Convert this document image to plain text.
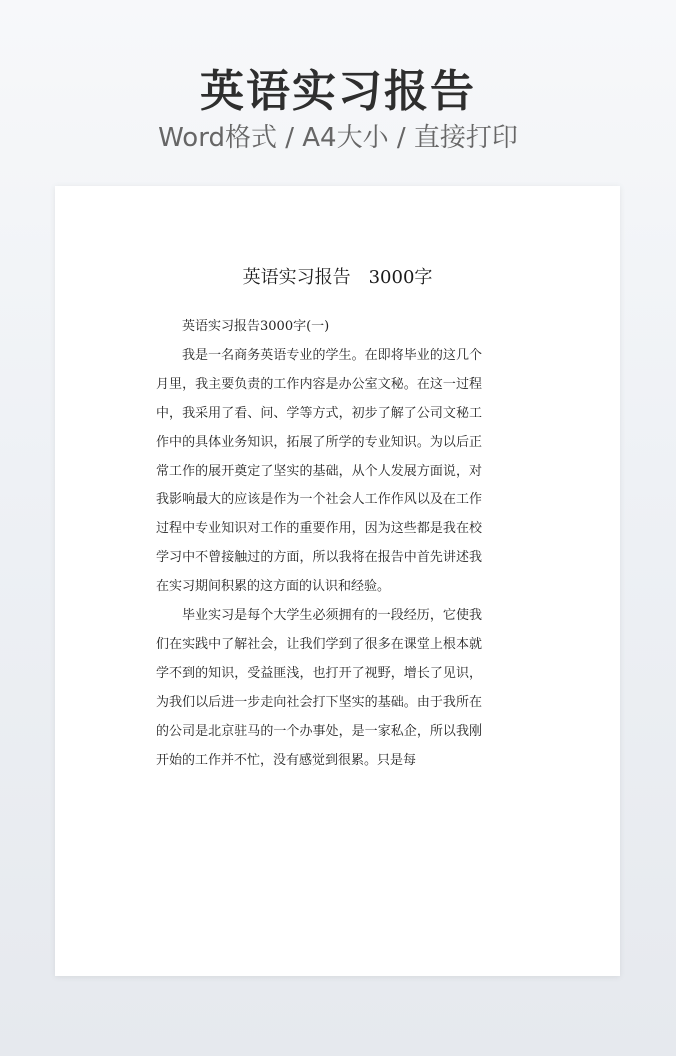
英语实习报告
Word格式 / A4大小 / 直接打印
英语实习报告　3000字

英语实习报告3000字(一)

我是一名商务英语专业的学生。在即将毕业的这几个月里，我主要负责的工作内容是办公室文秘。在这一过程中，我采用了看、问、学等方式，初步了解了公司文秘工作中的具体业务知识，拓展了所学的专业知识。为以后正常工作的展开奠定了坚实的基础，从个人发展方面说，对我影响最大的应该是作为一个社会人工作作风以及在工作过程中专业知识对工作的重要作用，因为这些都是我在校学习中不曾接触过的方面，所以我将在报告中首先讲述我在实习期间积累的这方面的认识和经验。

毕业实习是每个大学生必须拥有的一段经历，它使我们在实践中了解社会，让我们学到了很多在课堂上根本就学不到的知识，受益匪浅，也打开了视野，增长了见识，为我们以后进一步走向社会打下坚实的基础。由于我所在的公司是北京驻马的一个办事处，是一家私企，所以我刚开始的工作并不忙，没有感觉到很累。只是每
